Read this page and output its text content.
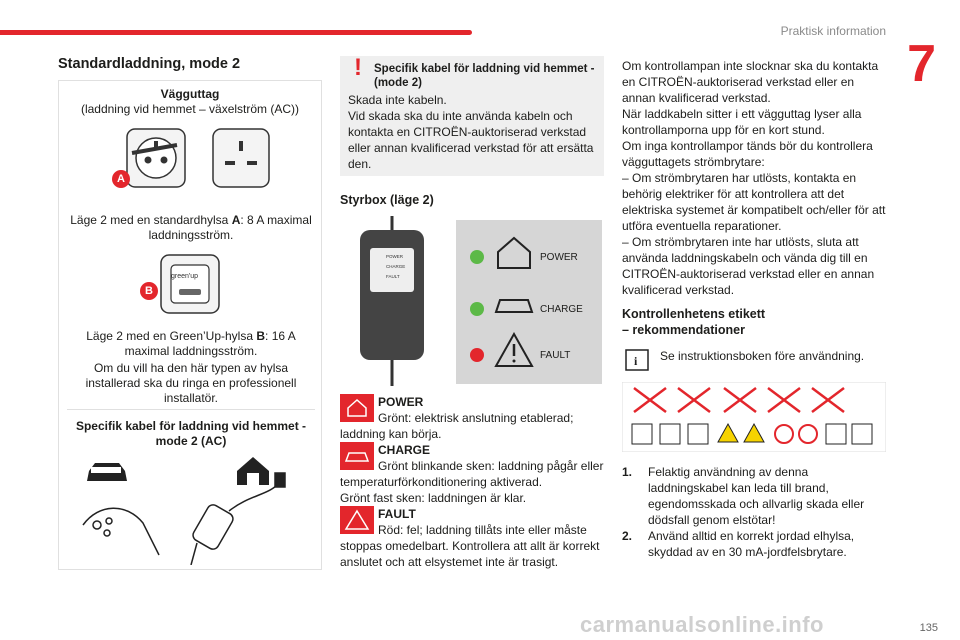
Praktisk information
7
Standardladdning, mode 2
Vägguttag
(laddning vid hemmet – växelström (AC))
A
Läge 2 med en standardhylsa A: 8 A maximal laddningsström.
green'up
B
Läge 2 med en Green’Up-hylsa B: 16 A maximal laddningsström.
Om du vill ha den här typen av hylsa installerad ska du ringa en professionell installatör.
Specifik kabel för laddning vid hemmet - mode 2 (AC)
!	Specifik kabel för laddning vid hemmet - (mode 2)
Skada inte kabeln.
Vid skada ska du inte använda kabeln och kontakta en CITROËN-auktoriserad verkstad eller annan kvalificerad verkstad för att ersätta den.
Styrbox (läge 2)
POWER
CHARGE
FAULT
POWER
CHARGE
FAULT
POWER
Grönt: elektrisk anslutning etablerad; laddning kan börja.
CHARGE
Grönt blinkande sken: laddning pågår eller temperaturförkonditionering aktiverad.
Grönt fast sken: laddningen är klar.
FAULT
Röd: fel; laddning tillåts inte eller måste stoppas omedelbart. Kontrollera att allt är korrekt anslutet och att elsystemet inte är trasigt.
Om kontrollampan inte slocknar ska du kontakta en CITROËN-auktoriserad verkstad eller en annan kvalificerad verkstad.
När laddkabeln sitter i ett vägguttag lyser alla kontrollamporna upp för en kort stund.
Om inga kontrollampor tänds bör du kontrollera vägguttagets strömbrytare:
– Om strömbrytaren har utlösts, kontakta en behörig elektriker för att kontrollera att det elektriska systemet är kompatibelt och/eller för att utföra eventuella reparationer.
– Om strömbrytaren inte har utlösts, sluta att använda laddningskabeln och vända dig till en CITROËN-auktoriserad verkstad eller en annan kvalificerad verkstad.
Kontrollenhetens etikett
– rekommendationer
i Se instruktionsboken före användning.
1.	Felaktig användning av denna laddningskabel kan leda till brand, egendomsskada och allvarlig skada eller dödsfall genom elstötar!
2.	Använd alltid en korrekt jordad elhylsa, skyddad av en 30 mA-jordfelsbrytare.
carmanualsonline.info	135
